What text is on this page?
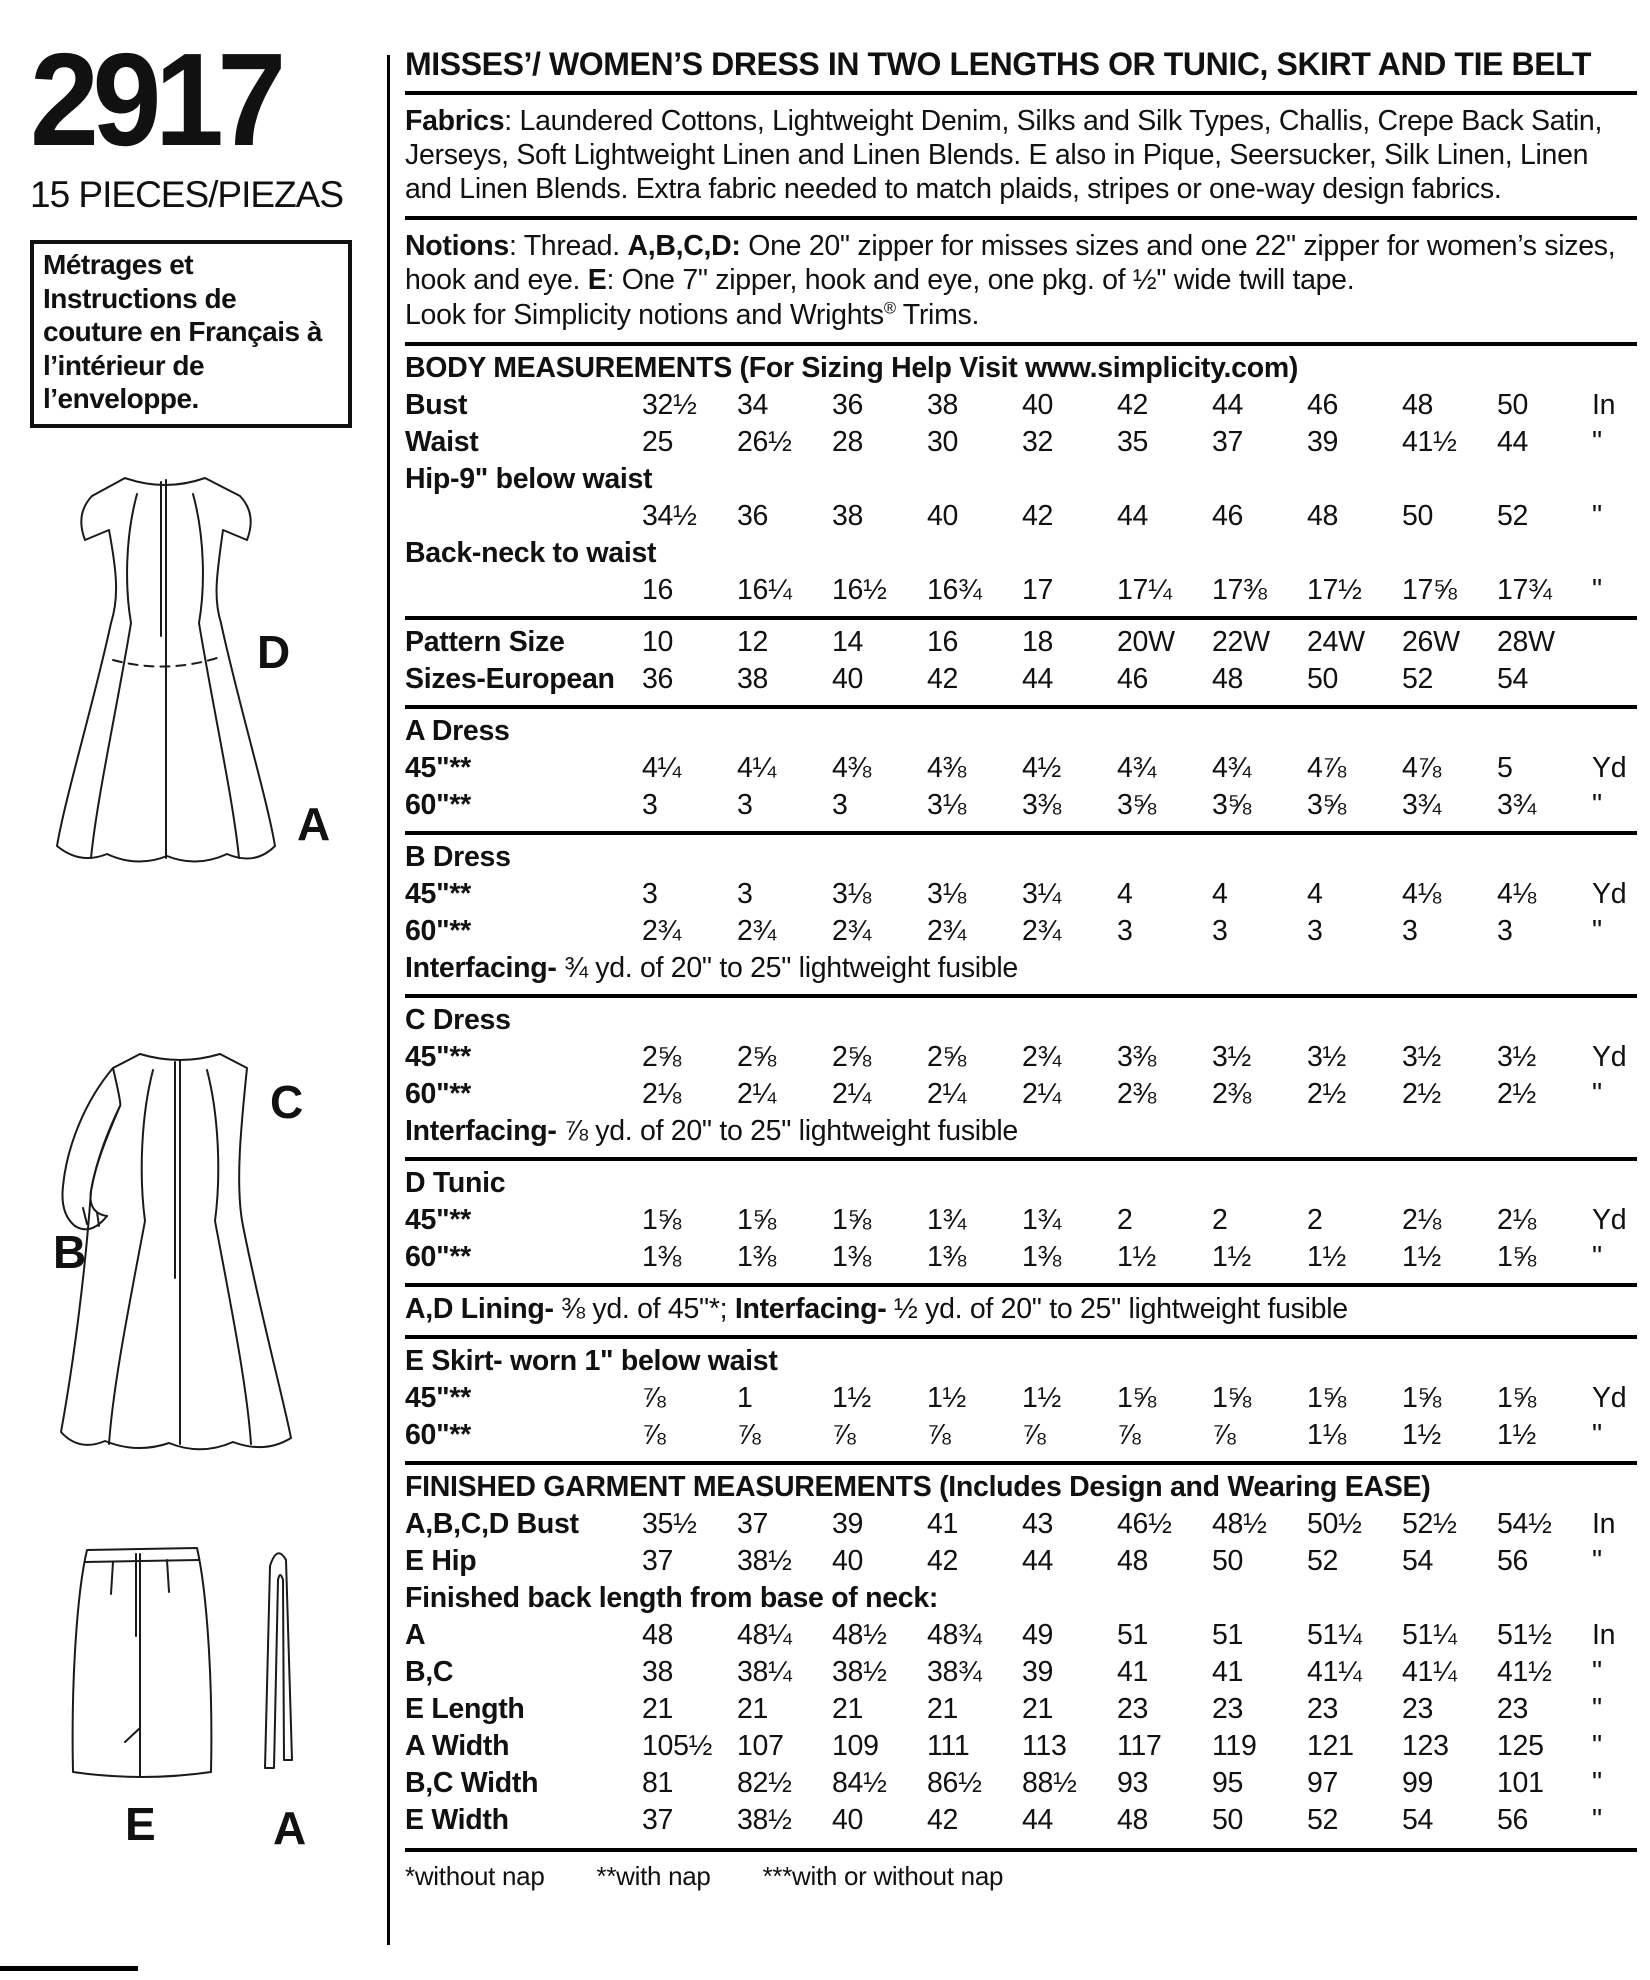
2917
15 PIECES/PIEZAS
Métrages et Instructions de couture en Français à l’intérieur de l’enveloppe.
D
A
C
B
E	A
MISSES’/ WOMEN’S DRESS IN TWO LENGTHS OR TUNIC, SKIRT AND TIE BELT
Fabrics: Laundered Cottons, Lightweight Denim, Silks and Silk Types, Challis, Crepe Back Satin, Jerseys, Soft Lightweight Linen and Linen Blends. E also in Pique, Seersucker, Silk Linen, Linen and Linen Blends. Extra fabric needed to match plaids, stripes or one-way design fabrics.
Notions: Thread. A,B,C,D: One 20" zipper for misses sizes and one 22" zipper for women’s sizes, hook and eye. E: One 7" zipper, hook and eye, one pkg. of ½" wide twill tape.
Look for Simplicity notions and Wrights® Trims.
BODY MEASUREMENTS (For Sizing Help Visit www.simplicity.com)
Bust	32½	34	36	38	40	42	44	46	48	50	In
Waist	25	26½	28	30	32	35	37	39	41½	44	"
Hip-9" below waist
34½	36	38	40	42	44	46	48	50	52	"
Back-neck to waist
16	16¼	16½	16¾	17	17¼	17⅜	17½	17⅝	17¾	"
Pattern Size	10	12	14	16	18	20W	22W	24W	26W	28W
Sizes-European 36	38	40	42	44	46	48	50	52	54
A Dress
45"**	4¼	4¼	4⅜	4⅜	4½	4¾	4¾	4⅞	4⅞	5	Yd
60"**	3	3	3	3⅛	3⅜	3⅝	3⅝	3⅝	3¾	3¾	"
B Dress
45"**	3	3	3⅛	3⅛	3¼	4	4	4	4⅛	4⅛	Yd
60"**	2¾	2¾	2¾	2¾	2¾	3	3	3	3	3	"
Interfacing- ¾ yd. of 20" to 25" lightweight fusible
C Dress
45"**	2⅝	2⅝	2⅝	2⅝	2¾	3⅜	3½	3½	3½	3½	Yd
60"**	2⅛	2¼	2¼	2¼	2¼	2⅜	2⅜	2½	2½	2½	"
Interfacing- ⅞ yd. of 20" to 25" lightweight fusible
D Tunic
45"**	1⅝	1⅝	1⅝	1¾	1¾	2	2	2	2⅛	2⅛	Yd
60"**	1⅜	1⅜	1⅜	1⅜	1⅜	1½	1½	1½	1½	1⅝	"
A,D Lining- ⅜ yd. of 45"*; Interfacing- ½ yd. of 20" to 25" lightweight fusible
E Skirt- worn 1" below waist
45"**	⅞	1	1½	1½	1½	1⅝	1⅝	1⅝	1⅝	1⅝	Yd
60"**	⅞	⅞	⅞	⅞	⅞	⅞	⅞	1⅛	1½	1½	"
FINISHED GARMENT MEASUREMENTS (Includes Design and Wearing EASE)
A,B,C,D Bust	35½	37	39	41	43	46½	48½	50½	52½	54½	In
E Hip	37	38½	40	42	44	48	50	52	54	56	"
Finished back length from base of neck:
A	48	48¼	48½	48¾	49	51	51	51¼	51¼	51½	In
B,C	38	38¼	38½	38¾	39	41	41	41¼	41¼	41½	"
E Length	21	21	21	21	21	23	23	23	23	23	"
A Width	105½ 107	109	111	113	117	119	121	123	125	"
B,C Width	81	82½	84½	86½	88½	93	95	97	99	101	"
E Width	37	38½	40	42	44	48	50	52	54	56	"
*without nap **with nap ***with or without nap
